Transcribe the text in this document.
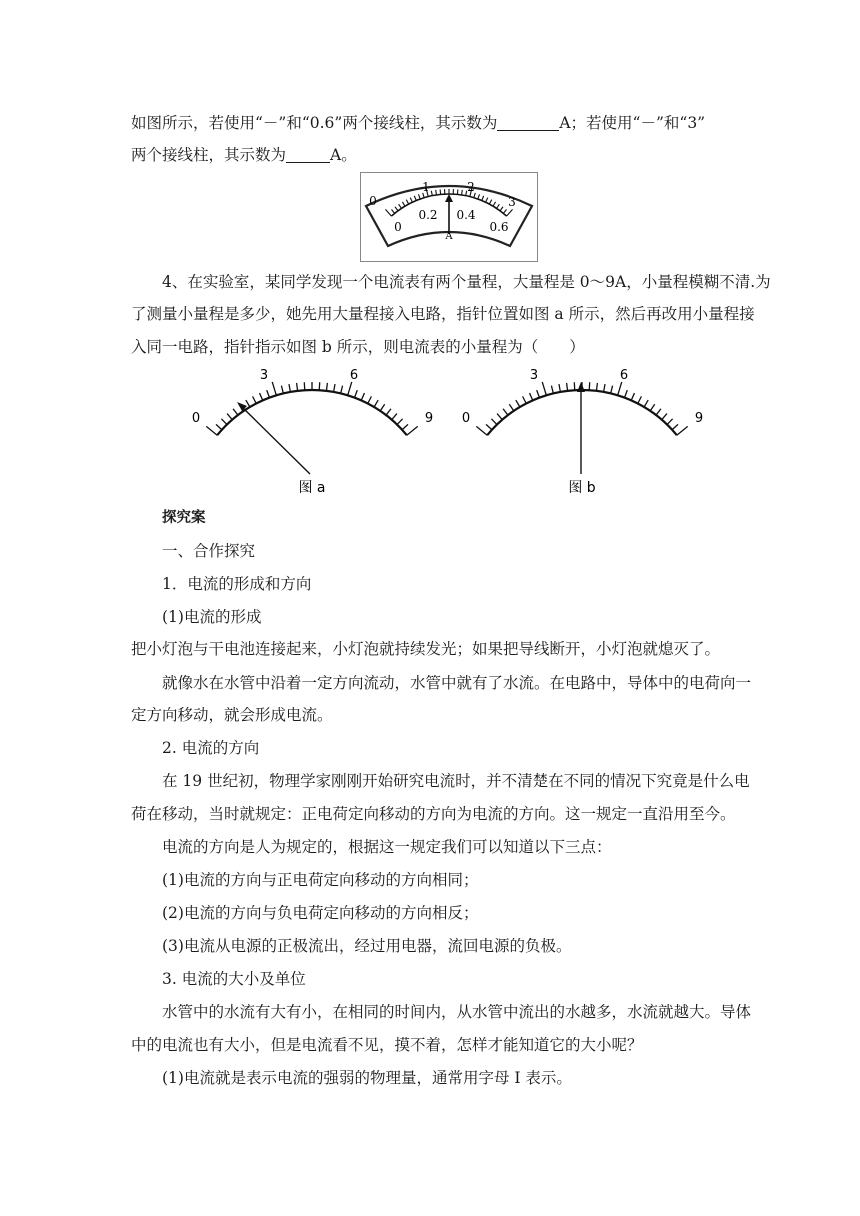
如图所示，若使用“－”和“0.6”两个接线柱，其示数为	A；若使用“－”和“3”
两个接线柱，其示数为	A。
0
1	2
3
0
0.2 0.4
0.6
A
4、在实验室，某同学发现一个电流表有两个量程，大量程是 0～9A，小量程模糊不清.为
了测量小量程是多少，她先用大量程接入电路，指针位置如图 a 所示，然后再改用小量程接
入同一电路，指针指示如图 b 所示，则电流表的小量程为（　　）
0
3	6
9
图 a
0
3	6
9
图 b
探究案
一、合作探究
1．电流的形成和方向
(1)电流的形成
把小灯泡与干电池连接起来，小灯泡就持续发光；如果把导线断开，小灯泡就熄灭了。
就像水在水管中沿着一定方向流动，水管中就有了水流。在电路中，导体中的电荷向一
定方向移动，就会形成电流。
2. 电流的方向
在 19 世纪初，物理学家刚刚开始研究电流时，并不清楚在不同的情况下究竟是什么电
荷在移动，当时就规定：正电荷定向移动的方向为电流的方向。这一规定一直沿用至今。
电流的方向是人为规定的，根据这一规定我们可以知道以下三点：
(1)电流的方向与正电荷定向移动的方向相同；
(2)电流的方向与负电荷定向移动的方向相反；
(3)电流从电源的正极流出，经过用电器，流回电源的负极。
3. 电流的大小及单位
水管中的水流有大有小，在相同的时间内，从水管中流出的水越多，水流就越大。导体
中的电流也有大小，但是电流看不见，摸不着，怎样才能知道它的大小呢？
(1)电流就是表示电流的强弱的物理量，通常用字母 I 表示。
